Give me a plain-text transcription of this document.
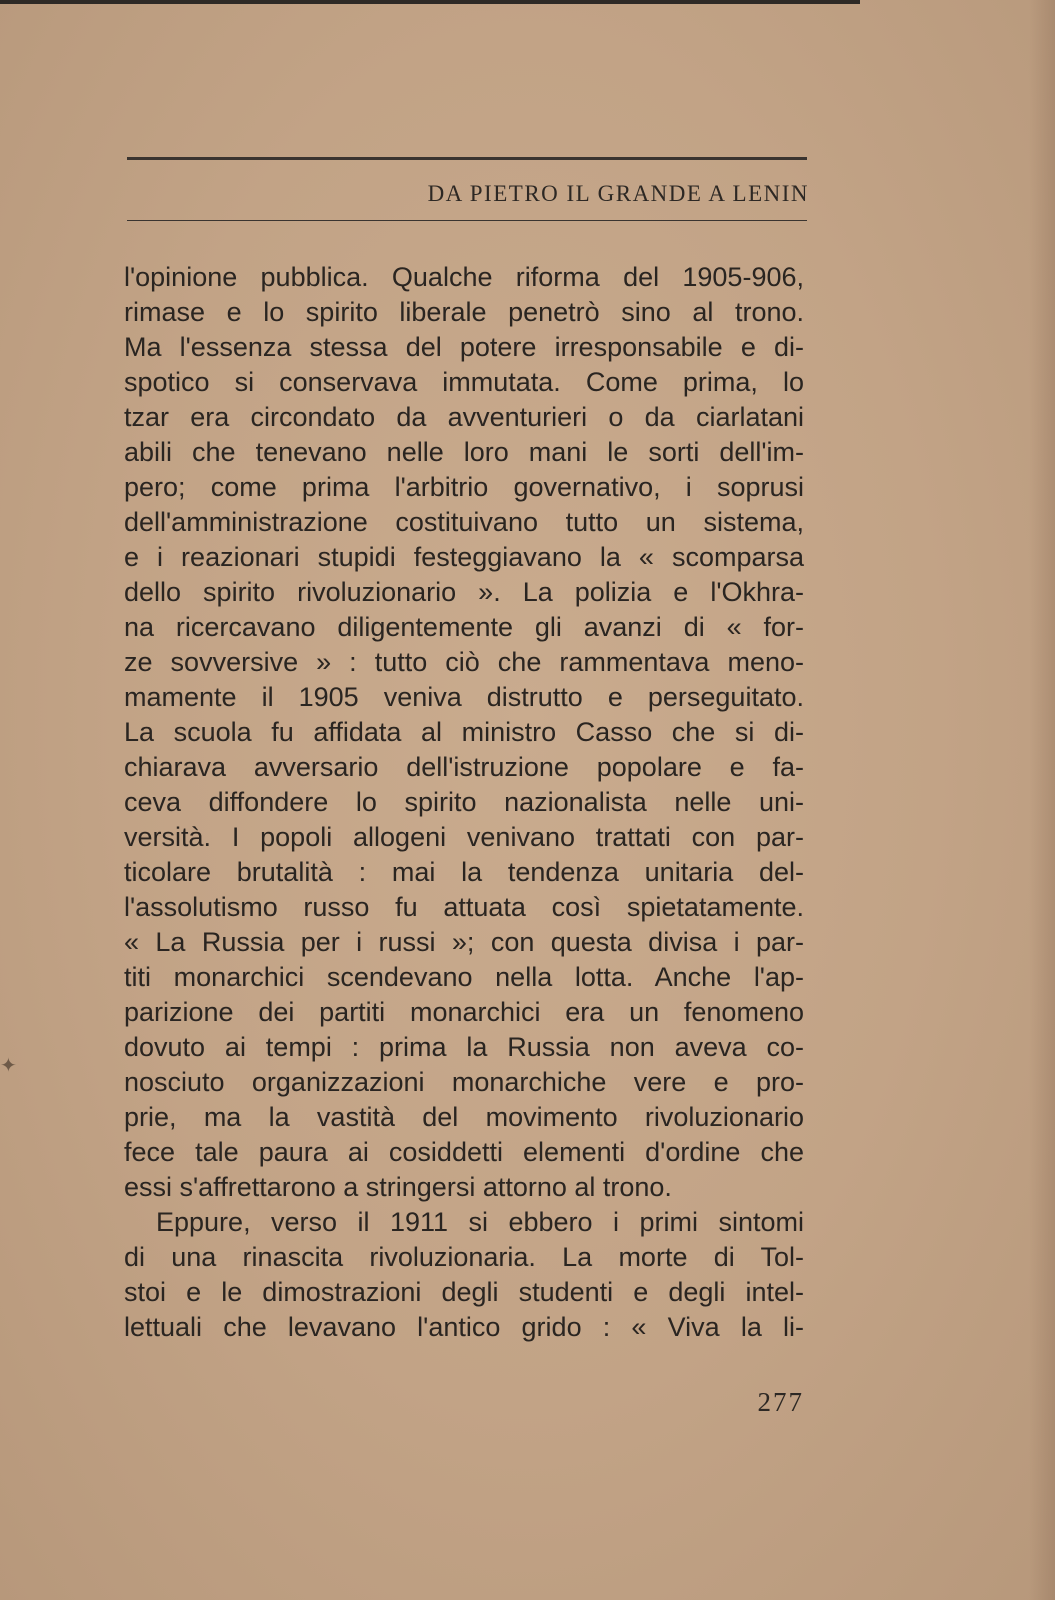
DA PIETRO IL GRANDE A LENIN
l'opinione pubblica. Qualche riforma del 1905-906,
rimase e lo spirito liberale penetrò sino al trono.
Ma l'essenza stessa del potere irresponsabile e di-
spotico si conservava immutata. Come prima, lo
tzar era circondato da avventurieri o da ciarlatani
abili che tenevano nelle loro mani le sorti dell'im-
pero; come prima l'arbitrio governativo, i soprusi
dell'amministrazione costituivano tutto un sistema,
e i reazionari stupidi festeggiavano la « scomparsa
dello spirito rivoluzionario ». La polizia e l'Okhra-
na ricercavano diligentemente gli avanzi di « for-
ze sovversive » : tutto ciò che rammentava meno-
mamente il 1905 veniva distrutto e perseguitato.
La scuola fu affidata al ministro Casso che si di-
chiarava avversario dell'istruzione popolare e fa-
ceva diffondere lo spirito nazionalista nelle uni-
versità. I popoli allogeni venivano trattati con par-
ticolare brutalità : mai la tendenza unitaria del-
l'assolutismo russo fu attuata così spietatamente.
« La Russia per i russi »; con questa divisa i par-
titi monarchici scendevano nella lotta. Anche l'ap-
parizione dei partiti monarchici era un fenomeno
dovuto ai tempi : prima la Russia non aveva co-
nosciuto organizzazioni monarchiche vere e pro-
prie, ma la vastità del movimento rivoluzionario
fece tale paura ai cosiddetti elementi d'ordine che
essi s'affrettarono a stringersi attorno al trono.
Eppure, verso il 1911 si ebbero i primi sintomi
di una rinascita rivoluzionaria. La morte di Tol-
stoi e le dimostrazioni degli studenti e degli intel-
lettuali che levavano l'antico grido : « Viva la li-
277
✦
